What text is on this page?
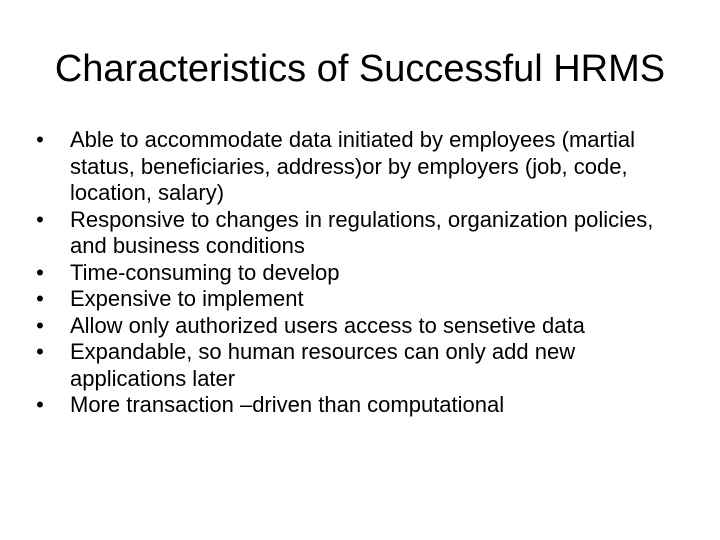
Characteristics of Successful HRMS
• Able to accommodate data initiated by employees (martial status, beneficiaries, address)or by employers (job, code, location, salary)
• Responsive to changes in regulations, organization policies, and business conditions
• Time-consuming to develop
• Expensive to implement
• Allow only authorized users access to sensetive data
• Expandable, so human resources can only add new applications later
• More transaction –driven than computational
